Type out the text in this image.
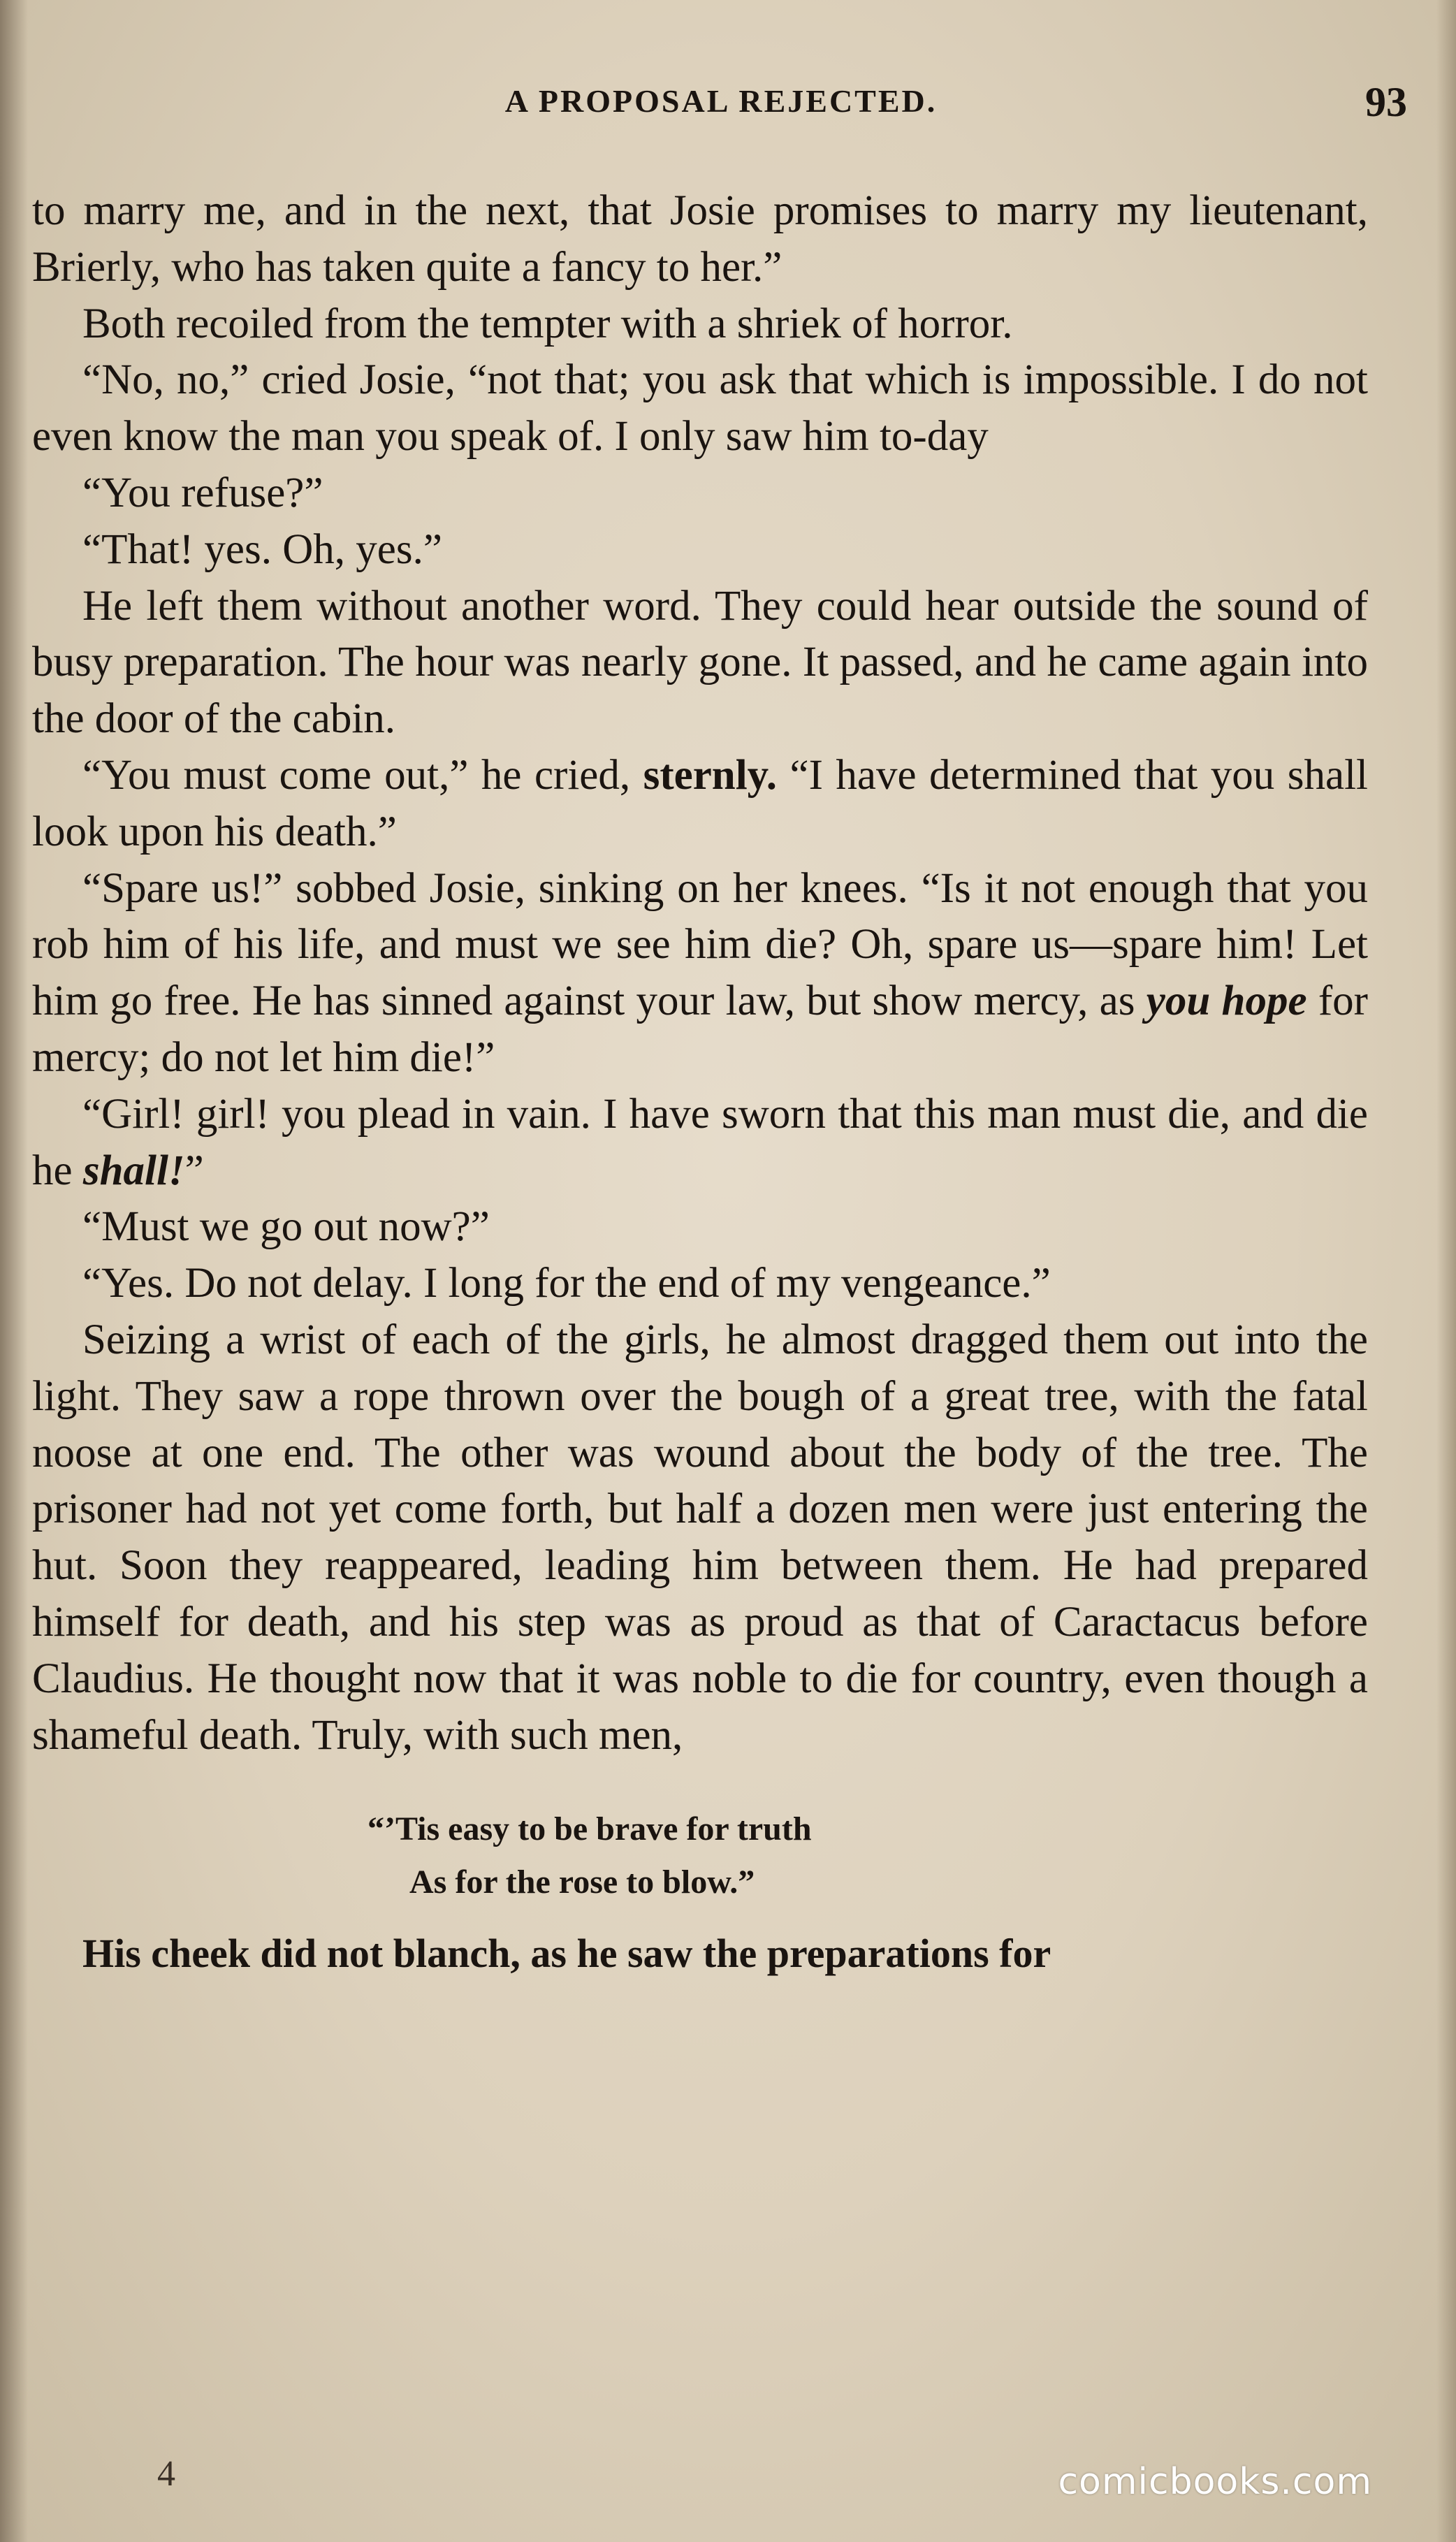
A PROPOSAL REJECTED.	93

to marry me, and in the next, that Josie promises to marry my lieutenant, Brierly, who has taken quite a fancy to her.”

Both recoiled from the tempter with a shriek of horror.

“No, no,” cried Josie, “not that; you ask that which is impossible. I do not even know the man you speak of. I only saw him to-day

“You refuse?”

“That! yes. Oh, yes.”

He left them without another word. They could hear outside the sound of busy preparation. The hour was nearly gone. It passed, and he came again into the door of the cabin.

“You must come out,” he cried, sternly. “I have determined that you shall look upon his death.”

“Spare us!” sobbed Josie, sinking on her knees. “Is it not enough that you rob him of his life, and must we see him die? Oh, spare us—spare him! Let him go free. He has sinned against your law, but show mercy, as you hope for mercy; do not let him die!”

“Girl! girl! you plead in vain. I have sworn that this man must die, and die he shall!”

“Must we go out now?”

“Yes. Do not delay. I long for the end of my vengeance.”

Seizing a wrist of each of the girls, he almost dragged them out into the light. They saw a rope thrown over the bough of a great tree, with the fatal noose at one end. The other was wound about the body of the tree. The prisoner had not yet come forth, but half a dozen men were just entering the hut. Soon they reappeared, leading him between them. He had prepared himself for death, and his step was as proud as that of Caractacus before Claudius. He thought now that it was noble to die for country, even though a shameful death. Truly, with such men,

“’Tis easy to be brave for truth
As for the rose to blow.”

His cheek did not blanch, as he saw the preparations for

4	comicbooks.com
